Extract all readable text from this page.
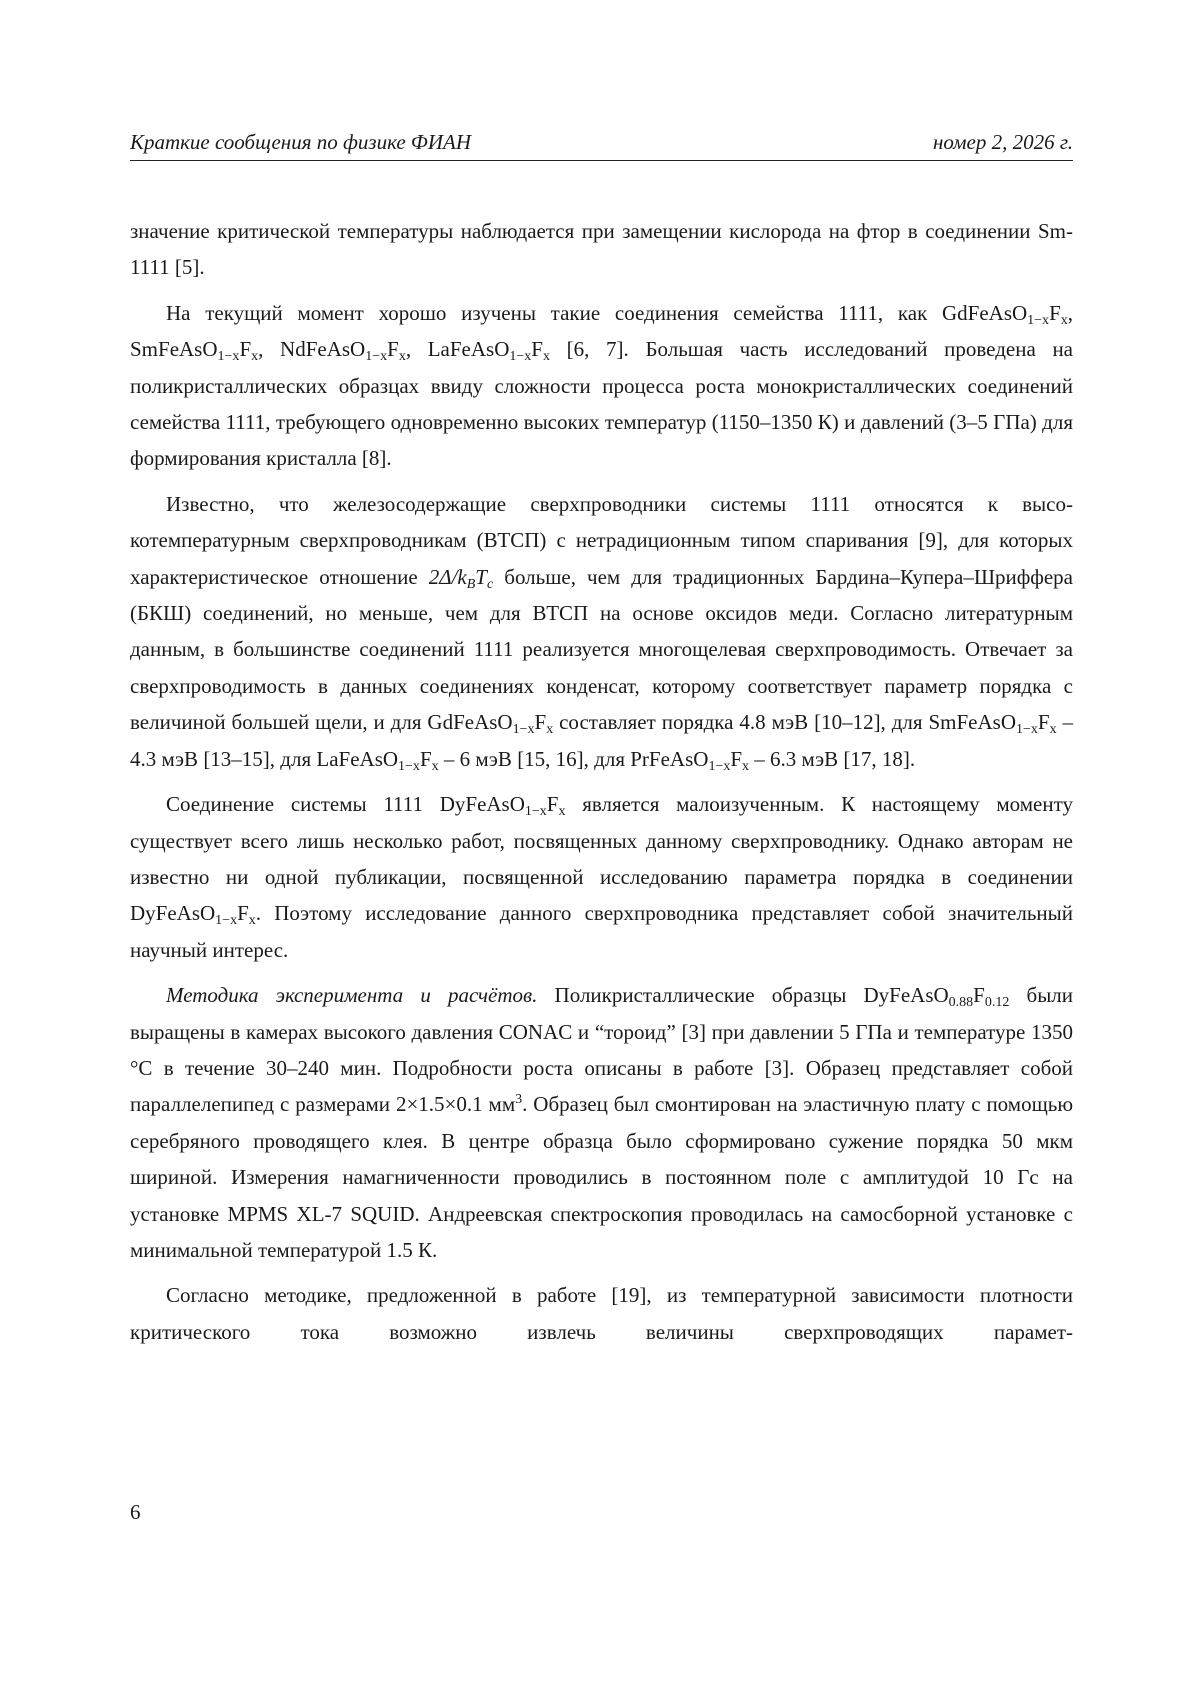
Краткие сообщения по физике ФИАН	номер 2, 2026 г.

значение критической температуры наблюдается при замещении кислорода на фтор в соединении Sm-1111 [5].

На текущий момент хорошо изучены такие соединения семейства 1111, как $GdFeAsO_{1-x}F_x$, $SmFeAsO_{1-x}F_x$, $NdFeAsO_{1-x}F_x$, $LaFeAsO_{1-x}F_x$ [6, 7]. Большая часть исследований проведена на поликристаллических образцах ввиду сложности процесса роста монокристаллических соединений семейства 1111, требующего одновременно высоких температур (1150–1350 К) и давлений (3–5 ГПа) для формирования кристалла [8].

Известно, что железосодержащие сверхпроводники системы 1111 относятся к высокотемпературным сверхпроводникам (ВТСП) с нетрадиционным типом спаривания [9], для которых характеристическое отношение $2\Delta/k_BT_c$ больше, чем для традиционных Бардина–Купера–Шриффера (БКШ) соединений, но меньше, чем для ВТСП на основе оксидов меди. Согласно литературным данным, в большинстве соединений 1111 реализуется многощелевая сверхпроводимость. Отвечает за сверхпроводимость в данных соединениях конденсат, которому соответствует параметр порядка с величиной большей щели, и для $GdFeAsO_{1-x}F_x$ составляет порядка 4.8 мэВ [10–12], для $SmFeAsO_{1-x}F_x - 4.3$ мэВ [13–15], для $LaFeAsO_{1-x}F_x - 6$ мэВ [15, 16], для $PrFeAsO_{1-x}F_x - 6.3$ мэВ [17, 18].

Соединение системы 1111 $DyFeAsO_{1-x}F_x$ является малоизученным. К настоящему моменту существует всего лишь несколько работ, посвященных данному сверхпроводнику. Однако авторам не известно ни одной публикации, посвященной исследованию параметра порядка в соединении $DyFeAsO_{1-x}F_x$. Поэтому исследование данного сверхпроводника представляет собой значительный научный интерес.

Методика эксперимента и расчётов. Поликристаллические образцы $DyFeAsO_{0.88}F_{0.12}$ были выращены в камерах высокого давления CONAC и “тороид” [3] при давлении 5 ГПа и температуре 1350 °С в течение 30–240 мин. Подробности роста описаны в работе [3]. Образец представляет собой параллелепипед с размерами 2×1.5×0.1 $мм^3$. Образец был смонтирован на эластичную плату с помощью серебряного проводящего клея. В центре образца было сформировано сужение порядка 50 мкм шириной. Измерения намагниченности проводились в постоянном поле с амплитудой 10 Гс на установке MPMS XL-7 SQUID. Андреевская спектроскопия проводилась на самосборной установке с минимальной температурой 1.5 К.

Согласно методике, предложенной в работе [19], из температурной зависимости плотности критического тока возможно извлечь величины сверхпроводящих парамет-

6
